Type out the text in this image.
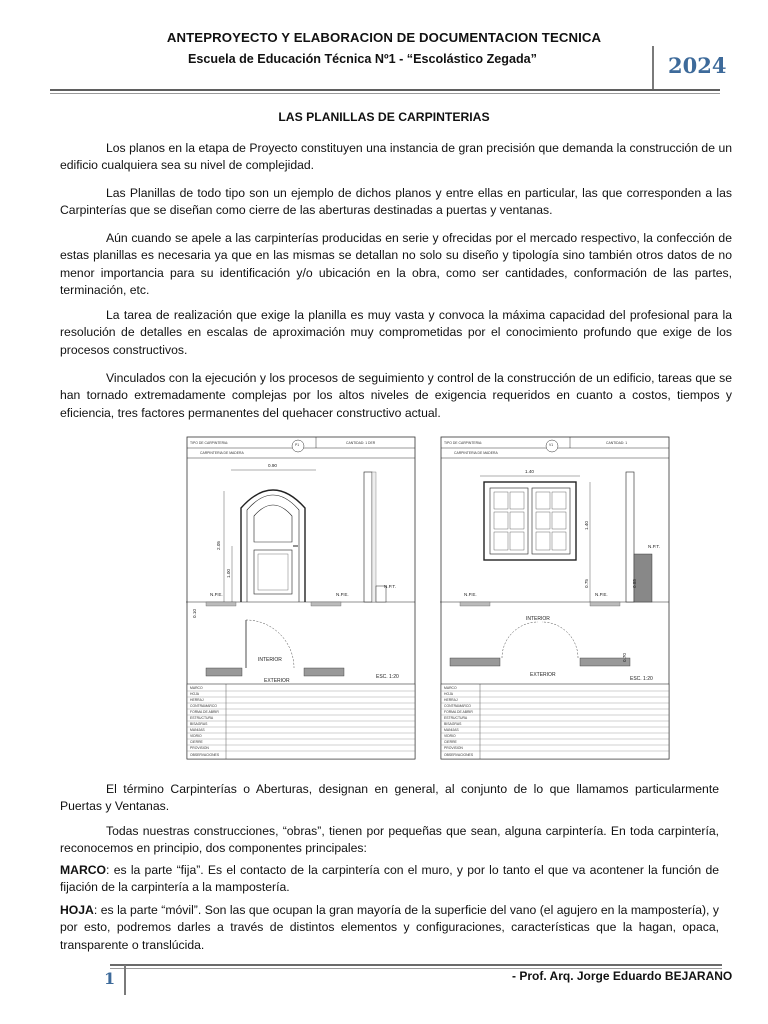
ANTEPROYECTO Y ELABORACION DE DOCUMENTACION TECNICA
Escuela de Educación Técnica Nº1 - “Escolástico Zegada”	2024
LAS PLANILLAS DE CARPINTERIAS
Los planos en la etapa de Proyecto constituyen una instancia de gran precisión que demanda la construcción de un edificio cualquiera sea su nivel de complejidad.
Las Planillas de todo tipo son un ejemplo de dichos planos y entre ellas en particular, las que corresponden a las Carpinterías que se diseñan como cierre de las aberturas destinadas a puertas y ventanas.
Aún cuando se apele a las carpinterías producidas en serie y ofrecidas por el mercado respectivo, la confección de estas planillas es necesaria ya que en las mismas se detallan no solo su diseño y tipología sino también otros datos de no menor importancia para su identificación y/o ubicación en la obra, como ser cantidades, conformación de las partes, terminación, etc.
La tarea de realización que exige la planilla es muy vasta y convoca la máxima capacidad del profesional para la resolución de detalles en escalas de aproximación muy comprometidas por el conocimiento profundo que exige de los procesos constructivos.
Vinculados con la ejecución y los procesos de seguimiento y control de la construcción de un edificio, tareas que se han tornado extremadamente complejas por los altos niveles de exigencia requeridos en cuanto a costos, tiempos y eficiencia, tres factores permanentes del quehacer constructivo actual.
TIPO DE CARPINTERIA:
CARPINTERIA DE MADERA
CANTIDAD: 1 DER
P1
0.90
2.05
1.00
0.10
N.P.E.	N.P.E.
N.P.T.
INTERIOR
EXTERIOR
ESC. 1:20
MARCO
HOJA
HERRAJ
CONTRAMARCO
FORMA DE ABRIR
ESTRUCTURA
BISAGRAS
MANIJAS
VIDRIO
CIERRE
PROVISION
OBSERVACIONES
TIPO DE CARPINTERIA:
CARPINTERIA DE MADERA
CANTIDAD: 1
V1
1.40
1.40
0.75
N.P.E.	N.P.E.
N.P.T.
0.85
INTERIOR
EXTERIOR
0.70
ESC. 1:20
MARCO
HOJA
HERRAJ
CONTRAMARCO
FORMA DE ABRIR
ESTRUCTURA
BISAGRAS
MANIJAS
VIDRIO
CIERRE
PROVISION
OBSERVACIONES
El término Carpinterías o Aberturas, designan en general, al conjunto de lo que llamamos particularmente Puertas y Ventanas.
Todas nuestras construcciones, “obras”, tienen por pequeñas que sean, alguna carpintería. En toda carpintería, reconocemos en principio, dos componentes principales:
MARCO: es la parte “fija”. Es el contacto de la carpintería con el muro, y por lo tanto el que va acontener la función de fijación de la carpintería a la mampostería.
HOJA: es la parte “móvil”. Son las que ocupan la gran mayoría de la superficie del vano (el agujero en la mampostería), y por esto, podremos darles a través de distintos elementos y configuraciones, características que la hagan, opaca, transparente o translúcida.
1	- Prof. Arq. Jorge Eduardo BEJARANO
